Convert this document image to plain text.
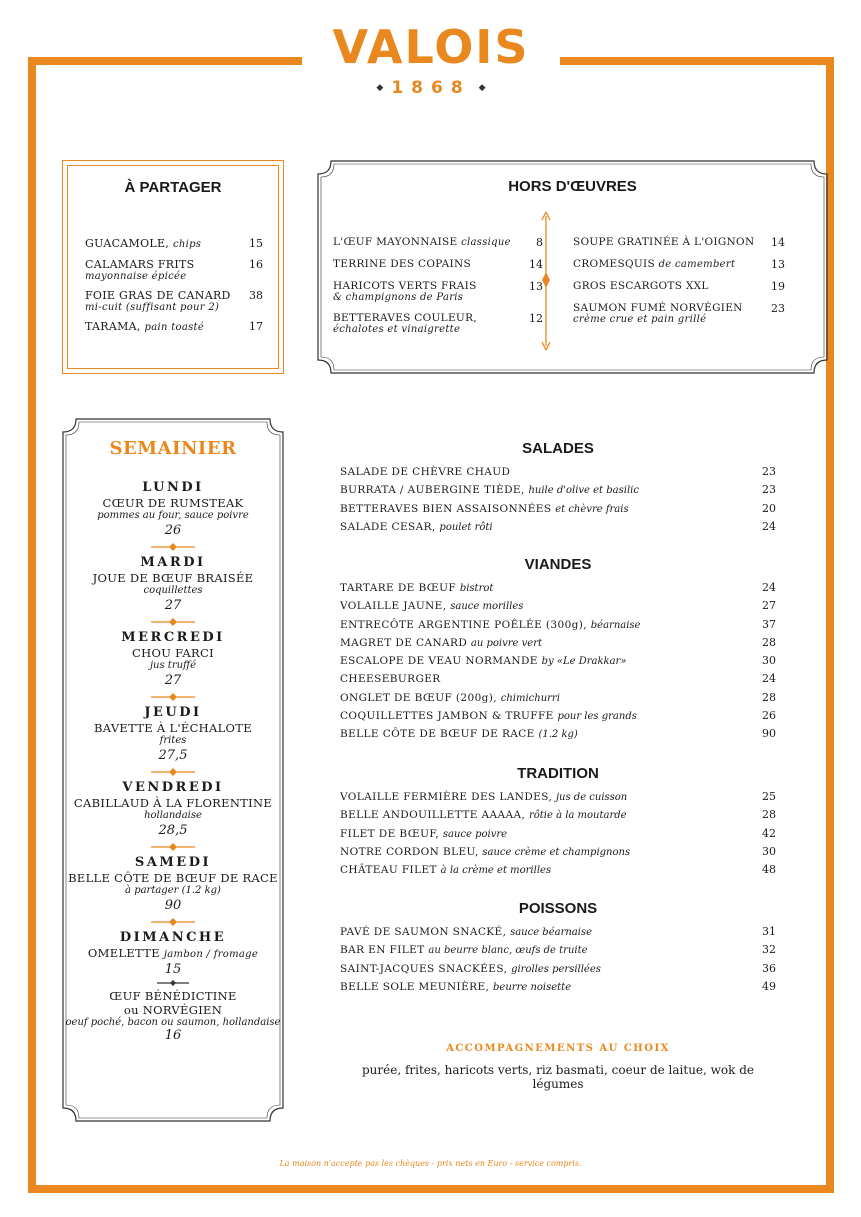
VALOIS
◆ 1868 ◆
À PARTAGER
GUACAMOLE, chips	15
CALAMARS FRITS
mayonnaise épicée
16
FOIE GRAS DE CANARD
mi-cuit (suffisant pour 2)
38
TARAMA, pain toasté	17
HORS D'ŒUVRES
L'ŒUF MAYONNAISE classique 8
TERRINE DES COPAINS	14
HARICOTS VERTS FRAIS
& champignons de Paris
13
BETTERAVES COULEUR,
échalotes et vinaigrette
12
SOUPE GRATINÉE À L'OIGNON 14
CROMESQUIS de camembert	13
GROS ESCARGOTS XXL	19
SAUMON FUMÉ NORVÉGIEN
crème crue et pain grillé
23
SEMAINIER
LUNDI
CŒUR DE RUMSTEAK
pommes au four, sauce poivre
26
MARDI
JOUE DE BŒUF BRAISÉE
coquillettes
27
MERCREDI
CHOU FARCI
jus truffé
27
JEUDI
BAVETTE À L'ÉCHALOTE
frites
27,5
VENDREDI
CABILLAUD À LA FLORENTINE
hollandaise
28,5
SAMEDI
BELLE CÔTE DE BŒUF DE RACE
à partager (1.2 kg)
90
DIMANCHE
OMELETTE jambon / fromage
15
ŒUF BÉNÉDICTINE
ou NORVÉGIEN
oeuf poché, bacon ou saumon, hollandaise
16
SALADES
SALADE DE CHÈVRE CHAUD	23
BURRATA / AUBERGINE TIÈDE, huile d'olive et basilic	23
BETTERAVES BIEN ASSAISONNÉES et chèvre frais	20
SALADE CESAR, poulet rôti	24
VIANDES
TARTARE DE BŒUF bistrot	24
VOLAILLE JAUNE, sauce morilles	27
ENTRECÔTE ARGENTINE POÊLÉE (300g), béarnaise	37
MAGRET DE CANARD au poivre vert	28
ESCALOPE DE VEAU NORMANDE by «Le Drakkar»	30
CHEESEBURGER	24
ONGLET DE BŒUF (200g), chimichurri	28
COQUILLETTES JAMBON & TRUFFE pour les grands	26
BELLE CÔTE DE BŒUF DE RACE (1.2 kg)	90
TRADITION
VOLAILLE FERMIÈRE DES LANDES, jus de cuisson	25
BELLE ANDOUILLETTE AAAAA, rôtie à la moutarde	28
FILET DE BŒUF, sauce poivre	42
NOTRE CORDON BLEU, sauce crème et champignons	30
CHÂTEAU FILET à la crème et morilles	48
POISSONS
PAVÉ DE SAUMON SNACKÉ, sauce béarnaise	31
BAR EN FILET au beurre blanc, œufs de truite	32
SAINT-JACQUES SNACKÉES, girolles persillées	36
BELLE SOLE MEUNIÈRE, beurre noisette	49
ACCOMPAGNEMENTS AU CHOIX
purée, frites, haricots verts, riz basmati, coeur de laitue, wok de légumes
La maison n'accepte pas les chèques - prix nets en Euro - service compris.
